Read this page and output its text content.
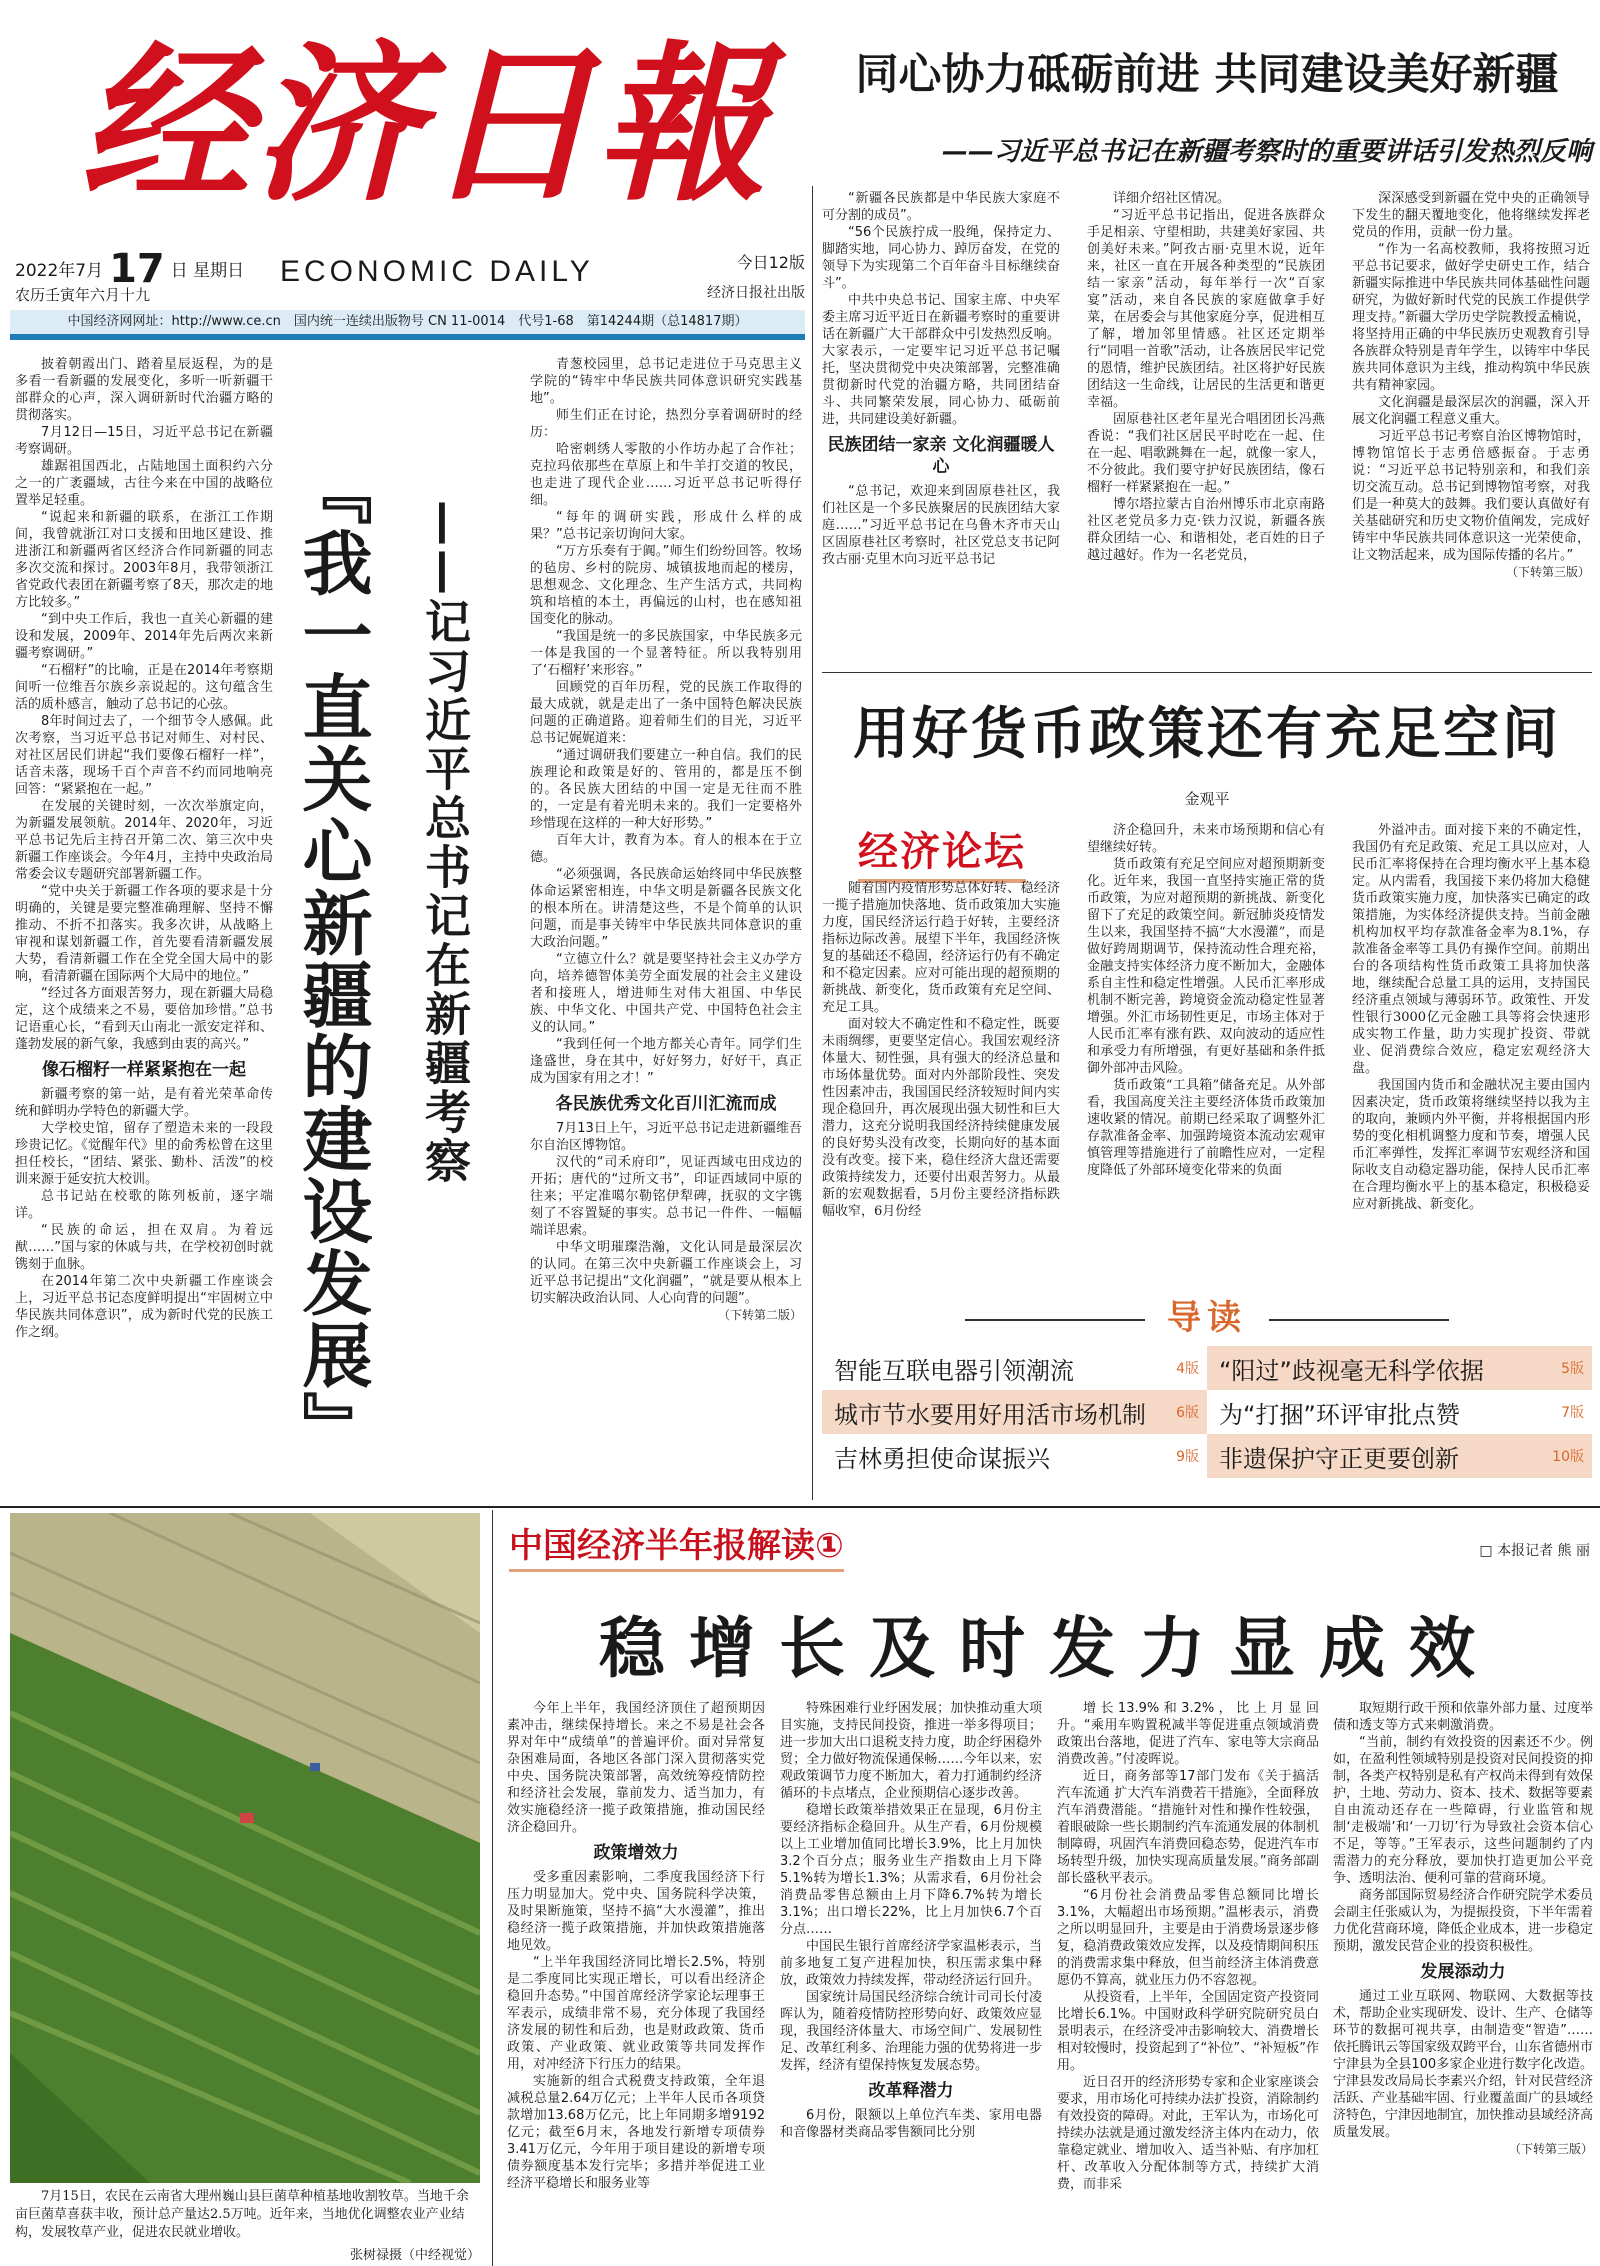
经济日報
2022年7月 17 日 星期日
农历壬寅年六月十九
ECONOMIC DAILY	今日12版
经济日报社出版
中国经济网网址：http://www.ce.cn　国内统一连续出版物号 CN 11-0014　代号1-68　第14244期（总14817期）
同心协力砥砺前进 共同建设美好新疆
——习近平总书记在新疆考察时的重要讲话引发热烈反响

“新疆各民族都是中华民族大家庭不可分割的成员”。

“56个民族拧成一股绳，保持定力、脚踏实地，同心协力、踔厉奋发，在党的领导下为实现第二个百年奋斗目标继续奋斗”。

中共中央总书记、国家主席、中央军委主席习近平近日在新疆考察时的重要讲话在新疆广大干部群众中引发热烈反响。大家表示，一定要牢记习近平总书记嘱托，坚决贯彻党中央决策部署，完整准确贯彻新时代党的治疆方略，共同团结奋斗、共同繁荣发展，同心协力、砥砺前进，共同建设美好新疆。

民族团结一家亲 文化润疆暖人心

“总书记，欢迎来到固原巷社区，我们社区是一个多民族聚居的民族团结大家庭……”习近平总书记在乌鲁木齐市天山区固原巷社区考察时，社区党总支书记阿孜古丽·克里木向习近平总书记

详细介绍社区情况。

“习近平总书记指出，促进各族群众手足相亲、守望相助，共建美好家园、共创美好未来。”阿孜古丽·克里木说，近年来，社区一直在开展各种类型的“民族团结一家亲”活动，每年举行一次“百家宴”活动，来自各民族的家庭做拿手好菜，在居委会与其他家庭分享，促进相互了解，增加邻里情感。社区还定期举行“同唱一首歌”活动，让各族居民牢记党的恩情，维护民族团结。社区将护好民族团结这一生命线，让居民的生活更和谐更幸福。

固原巷社区老年星光合唱团团长冯燕香说：“我们社区居民平时吃在一起、住在一起、唱歌跳舞在一起，就像一家人，不分彼此。我们要守护好民族团结，像石榴籽一样紧紧抱在一起。”

博尔塔拉蒙古自治州博乐市北京南路社区老党员多力克·铁力汉说，新疆各族群众团结一心、和谐相处，老百姓的日子越过越好。作为一名老党员，

深深感受到新疆在党中央的正确领导下发生的翻天覆地变化，他将继续发挥老党员的作用，贡献一份力量。

“作为一名高校教师，我将按照习近平总书记要求，做好学史研史工作，结合新疆实际推进中华民族共同体基础性问题研究，为做好新时代党的民族工作提供学理支持。”新疆大学历史学院教授孟楠说，将坚持用正确的中华民族历史观教育引导各族群众特别是青年学生，以铸牢中华民族共同体意识为主线，推动构筑中华民族共有精神家园。

文化润疆是最深层次的润疆，深入开展文化润疆工程意义重大。

习近平总书记考察自治区博物馆时，博物馆馆长于志勇倍感振奋。于志勇说：“习近平总书记特别亲和，和我们亲切交流互动。总书记到博物馆考察，对我们是一种莫大的鼓舞。我们要认真做好有关基础研究和历史文物价值阐发，完成好铸牢中华民族共同体意识这一光荣使命，让文物活起来，成为国际传播的名片。”

（下转第三版）

披着朝霞出门、踏着星辰返程，为的是多看一看新疆的发展变化，多听一听新疆干部群众的心声，深入调研新时代治疆方略的贯彻落实。

7月12日—15日，习近平总书记在新疆考察调研。

雄踞祖国西北，占陆地国土面积约六分之一的广袤疆域，古往今来在中国的战略位置举足轻重。

“说起来和新疆的联系，在浙江工作期间，我曾就浙江对口支援和田地区建设、推进浙江和新疆两省区经济合作同新疆的同志多次交流和探讨。2003年8月，我带领浙江省党政代表团在新疆考察了8天，那次走的地方比较多。”

“到中央工作后，我也一直关心新疆的建设和发展，2009年、2014年先后两次来新疆考察调研。”

“石榴籽”的比喻，正是在2014年考察期间听一位维吾尔族乡亲说起的。这句蕴含生活的质朴感言，触动了总书记的心弦。

8年时间过去了，一个细节令人感佩。此次考察，当习近平总书记对师生、对村民、对社区居民们讲起“我们要像石榴籽一样”，话音未落，现场千百个声音不约而同地响亮回答：“紧紧抱在一起。”

在发展的关键时刻，一次次举旗定向，为新疆发展领航。2014年、2020年，习近平总书记先后主持召开第二次、第三次中央新疆工作座谈会。今年4月，主持中央政治局常委会议专题研究部署新疆工作。

“党中央关于新疆工作各项的要求是十分明确的，关键是要完整准确理解、坚持不懈推动、不折不扣落实。我多次讲，从战略上审视和谋划新疆工作，首先要看清新疆发展大势，看清新疆工作在全党全国大局中的影响，看清新疆在国际两个大局中的地位。”

“经过各方面艰苦努力，现在新疆大局稳定，这个成绩来之不易，要倍加珍惜。”总书记语重心长，“看到天山南北一派安定祥和、蓬勃发展的新气象，我感到由衷的高兴。”

像石榴籽一样紧紧抱在一起

新疆考察的第一站，是有着光荣革命传统和鲜明办学特色的新疆大学。

大学校史馆，留存了塑造未来的一段段珍贵记忆。《觉醒年代》里的俞秀松曾在这里担任校长，“团结、紧张、勤朴、活泼”的校训来源于延安抗大校训。

总书记站在校歌的陈列板前，逐字端详。

“民族的命运，担在双肩。为着远猷……”国与家的休戚与共，在学校初创时就镌刻于血脉。

在2014年第二次中央新疆工作座谈会上，习近平总书记态度鲜明提出“牢固树立中华民族共同体意识”，成为新时代党的民族工作之纲。	『我一直关心新疆的建设发展』 ——记习近平总书记在新疆考察

青葱校园里，总书记走进位于马克思主义学院的“铸牢中华民族共同体意识研究实践基地”。

师生们正在讨论，热烈分享着调研时的经历：

哈密刺绣人零散的小作坊办起了合作社；克拉玛依那些在草原上和牛羊打交道的牧民，也走进了现代企业……习近平总书记听得仔细。

“每年的调研实践，形成什么样的成果？”总书记亲切询问大家。

“万方乐奏有于阗。”师生们纷纷回答。牧场的毡房、乡村的院房、城镇拔地而起的楼房，思想观念、文化理念、生产生活方式，共同构筑和培植的本土，再偏远的山村，也在感知祖国变化的脉动。

“我国是统一的多民族国家，中华民族多元一体是我国的一个显著特征。所以我特别用了‘石榴籽’来形容。”

回顾党的百年历程，党的民族工作取得的最大成就，就是走出了一条中国特色解决民族问题的正确道路。迎着师生们的目光，习近平总书记娓娓道来：

“通过调研我们要建立一种自信。我们的民族理论和政策是好的、管用的，都是压不倒的。各民族大团结的中国一定是无往而不胜的，一定是有着光明未来的。我们一定要格外珍惜现在这样的一种大好形势。”

百年大计，教育为本。育人的根本在于立德。

“必须强调，各民族命运始终同中华民族整体命运紧密相连，中华文明是新疆各民族文化的根本所在。讲清楚这些，不是个简单的认识问题，而是事关铸牢中华民族共同体意识的重大政治问题。”

“立德立什么？就是要坚持社会主义办学方向，培养德智体美劳全面发展的社会主义建设者和接班人，增进师生对伟大祖国、中华民族、中华文化、中国共产党、中国特色社会主义的认同。”

“我到任何一个地方都关心青年。同学们生逢盛世，身在其中，好好努力，好好干，真正成为国家有用之才！”

各民族优秀文化百川汇流而成

7月13日上午，习近平总书记走进新疆维吾尔自治区博物馆。

汉代的“司禾府印”，见证西域屯田戍边的开拓；唐代的“过所文书”，印证西域同中原的往来；平定准噶尔勒铭伊犁碑，抚驭的文字镌刻了不容置疑的事实。总书记一件件、一幅幅端详思索。

中华文明璀璨浩瀚，文化认同是最深层次的认同。在第三次中央新疆工作座谈会上，习近平总书记提出“文化润疆”，“就是要从根本上切实解决政治认同、人心向背的问题”。

（下转第二版）

用好货币政策还有充足空间
金观平
经济论坛

随着国内疫情形势总体好转、稳经济一揽子措施加快落地、货币政策加大实施力度，国民经济运行趋于好转，主要经济指标边际改善。展望下半年，我国经济恢复的基础还不稳固，经济运行仍有不确定和不稳定因素。应对可能出现的超预期的新挑战、新变化，货币政策有充足空间、充足工具。

面对较大不确定性和不稳定性，既要未雨绸缪，更要坚定信心。我国宏观经济体量大、韧性强，具有强大的经济总量和市场体量优势。面对内外部阶段性、突发性因素冲击，我国国民经济较短时间内实现企稳回升，再次展现出强大韧性和巨大潜力，这充分说明我国经济持续健康发展的良好势头没有改变，长期向好的基本面没有改变。接下来，稳住经济大盘还需要政策持续发力，还要付出艰苦努力。从最新的宏观数据看，5月份主要经济指标跌幅收窄，6月份经

济企稳回升，未来市场预期和信心有望继续好转。

货币政策有充足空间应对超预期新变化。近年来，我国一直坚持实施正常的货币政策，为应对超预期的新挑战、新变化留下了充足的政策空间。新冠肺炎疫情发生以来，我国坚持不搞“大水漫灌”，而是做好跨周期调节，保持流动性合理充裕，金融支持实体经济力度不断加大，金融体系自主性和稳定性增强。人民币汇率形成机制不断完善，跨境资金流动稳定性显著增强。外汇市场韧性更足，市场主体对于人民币汇率有涨有跌、双向波动的适应性和承受力有所增强，有更好基础和条件抵御外部冲击风险。

货币政策“工具箱”储备充足。从外部看，我国高度关注主要经济体货币政策加速收紧的情况。前期已经采取了调整外汇存款准备金率、加强跨境资本流动宏观审慎管理等措施进行了前瞻性应对，一定程度降低了外部环境变化带来的负面

外溢冲击。面对接下来的不确定性，我国仍有充足政策、充足工具以应对，人民币汇率将保持在合理均衡水平上基本稳定。从内需看，我国接下来仍将加大稳健货币政策实施力度，加快落实已确定的政策措施，为实体经济提供支持。当前金融机构加权平均存款准备金率为8.1%，存款准备金率等工具仍有操作空间。前期出台的各项结构性货币政策工具将加快落地，继续配合总量工具的运用，支持国民经济重点领域与薄弱环节。政策性、开发性银行3000亿元金融工具等将会快速形成实物工作量，助力实现扩投资、带就业、促消费综合效应，稳定宏观经济大盘。

我国国内货币和金融状况主要由国内因素决定，货币政策将继续坚持以我为主的取向，兼顾内外平衡，并将根据国内形势的变化相机调整力度和节奏，增强人民币汇率弹性，发挥汇率调节宏观经济和国际收支自动稳定器功能，保持人民币汇率在合理均衡水平上的基本稳定，积极稳妥应对新挑战、新变化。

导读
智能互联电器引领潮流	4版 “阳过”歧视毫无科学依据	5版
城市节水要用好用活市场机制 6版 为“打捆”环评审批点赞	7版
吉林勇担使命谋振兴	9版 非遗保护守正更要创新	10版
7月15日，农民在云南省大理州巍山县巨菌草种植基地收割牧草。当地千余亩巨菌草喜获丰收，预计总产量达2.5万吨。近年来，当地优化调整农业产业结构，发展牧草产业，促进农民就业增收。
张树禄摄（中经视觉）
中国经济半年报解读①	□ 本报记者 熊 丽
稳增长及时发力显成效

今年上半年，我国经济顶住了超预期因素冲击，继续保持增长。来之不易是社会各界对年中“成绩单”的普遍评价。面对异常复杂困难局面，各地区各部门深入贯彻落实党中央、国务院决策部署，高效统筹疫情防控和经济社会发展，靠前发力、适当加力，有效实施稳经济一揽子政策措施，推动国民经济企稳回升。

政策增效力

受多重因素影响，二季度我国经济下行压力明显加大。党中央、国务院科学决策，及时果断施策，坚持不搞“大水漫灌”，推出稳经济一揽子政策措施，并加快政策措施落地见效。

“上半年我国经济同比增长2.5%，特别是二季度同比实现正增长，可以看出经济企稳回升态势。”中国首席经济学家论坛理事王军表示，成绩非常不易，充分体现了我国经济发展的韧性和后劲，也是财政政策、货币政策、产业政策、就业政策等共同发挥作用，对冲经济下行压力的结果。

实施新的组合式税费支持政策，全年退减税总量2.64万亿元；上半年人民币各项贷款增加13.68万亿元，比上年同期多增9192亿元；截至6月末，各地发行新增专项债券3.41万亿元，今年用于项目建设的新增专项债券额度基本发行完毕；多措并举促进工业经济平稳增长和服务业等

特殊困难行业纾困发展；加快推动重大项目实施，支持民间投资，推进一举多得项目；进一步加大出口退税支持力度，助企纾困稳外贸；全力做好物流保通保畅……今年以来，宏观政策调节力度不断加大，着力打通制约经济循环的卡点堵点，企业预期信心逐步改善。

稳增长政策举措效果正在显现，6月份主要经济指标企稳回升。从生产看，6月份规模以上工业增加值同比增长3.9%，比上月加快3.2个百分点；服务业生产指数由上月下降5.1%转为增长1.3%；从需求看，6月份社会消费品零售总额由上月下降6.7%转为增长3.1%；出口增长22%，比上月加快6.7个百分点……

中国民生银行首席经济学家温彬表示，当前多地复工复产进程加快，积压需求集中释放，政策效力持续发挥，带动经济运行回升。

国家统计局国民经济综合统计司司长付凌晖认为，随着疫情防控形势向好、政策效应显现，我国经济体量大、市场空间广、发展韧性足、改革红利多、治理能力强的优势将进一步发挥，经济有望保持恢复发展态势。

改革释潜力

6月份，限额以上单位汽车类、家用电器和音像器材类商品零售额同比分别

增长13.9%和3.2%，比上月显回升。“乘用车购置税减半等促进重点领域消费政策出台落地，促进了汽车、家电等大宗商品消费改善。”付凌晖说。

近日，商务部等17部门发布《关于搞活汽车流通 扩大汽车消费若干措施》，全面释放汽车消费潜能。“措施针对性和操作性较强，着眼破除一些长期制约汽车流通发展的体制机制障碍，巩固汽车消费回稳态势，促进汽车市场转型升级，加快实现高质量发展。”商务部副部长盛秋平表示。

“6月份社会消费品零售总额同比增长3.1%，大幅超出市场预期。”温彬表示，消费之所以明显回升，主要是由于消费场景逐步修复，稳消费政策效应发挥，以及疫情期间积压的消费需求集中释放，但当前经济主体消费意愿仍不算高，就业压力仍不容忽视。

从投资看，上半年，全国固定资产投资同比增长6.1%。中国财政科学研究院研究员白景明表示，在经济受冲击影响较大、消费增长相对较慢时，投资起到了“补位”、“补短板”作用。

近日召开的经济形势专家和企业家座谈会要求，用市场化可持续办法扩投资，消除制约有效投资的障碍。对此，王军认为，市场化可持续办法就是通过激发经济主体内在动力，依靠稳定就业、增加收入、适当补贴、有序加杠杆、改革收入分配体制等方式，持续扩大消费，而非采

取短期行政干预和依靠外部力量、过度举债和透支等方式来刺激消费。

“当前，制约有效投资的因素还不少。例如，在盈利性领域特别是投资对民间投资的抑制，各类产权特别是私有产权尚未得到有效保护，土地、劳动力、资本、技术、数据等要素自由流动还存在一些障碍，行业监管和规制‘走极端’和‘一刀切’行为导致社会资本信心不足，等等。”王军表示，这些问题制约了内需潜力的充分释放，要加快打造更加公平竞争、透明法治、便利可靠的营商环境。

商务部国际贸易经济合作研究院学术委员会副主任张威认为，为提振投资，下半年需着力优化营商环境，降低企业成本，进一步稳定预期，激发民营企业的投资积极性。

发展添动力

通过工业互联网、物联网、大数据等技术，帮助企业实现研发、设计、生产、仓储等环节的数据可视共享，由制造变“智造”……依托腾讯云等国家级双跨平台，山东省德州市宁津县为全县100多家企业进行数字化改造。宁津县发改局局长李素兴介绍，针对民营经济活跃、产业基础牢固、行业覆盖面广的县域经济特色，宁津因地制宜，加快推动县域经济高质量发展。

（下转第三版）
